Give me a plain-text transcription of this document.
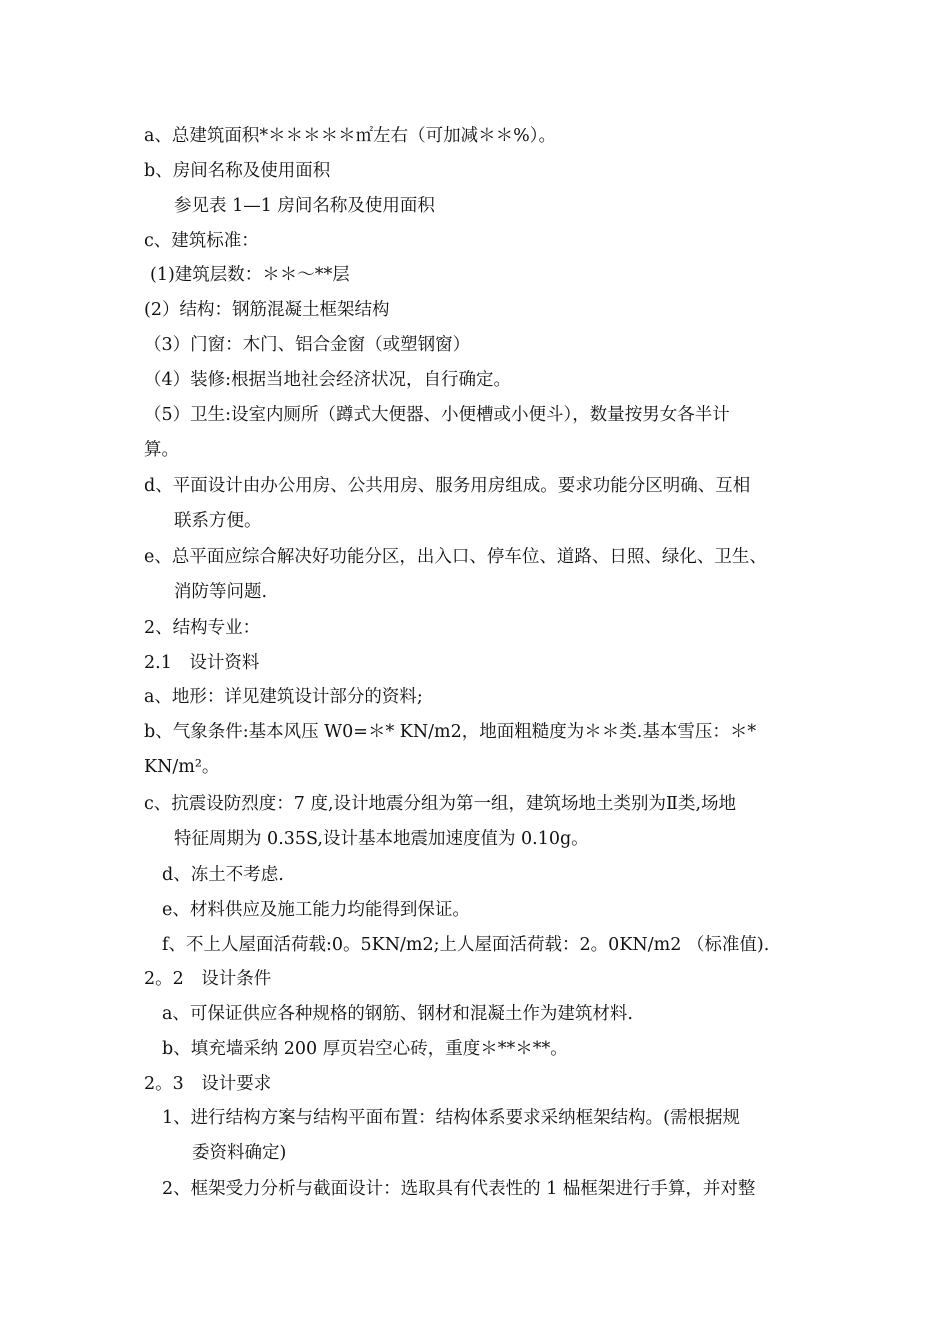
a、总建筑面积*＊＊＊＊＊㎡左右（可加减＊＊%）。
b、房间名称及使用面积
参见表 1—1 房间名称及使用面积
c、建筑标准：
(1)建筑层数：＊＊～**层
(2）结构：钢筋混凝土框架结构
（3）门窗：木门、铝合金窗（或塑钢窗）
（4）装修:根据当地社会经济状况，自行确定。
（5）卫生:设室内厕所（蹲式大便器、小便槽或小便斗），数量按男女各半计
算。
d、平面设计由办公用房、公共用房、服务用房组成。要求功能分区明确、互相
联系方便。
e、总平面应综合解决好功能分区，出入口、停车位、道路、日照、绿化、卫生、
消防等问题.
2、结构专业：
2.1　设计资料
a、地形：详见建筑设计部分的资料;
b、气象条件:基本风压 W0=＊* KN/m2，地面粗糙度为＊＊类.基本雪压：＊*
KN/m²。
c、抗震设防烈度：7 度,设计地震分组为第一组，建筑场地土类别为Ⅱ类,场地
特征周期为 0.35S,设计基本地震加速度值为 0.10g。
d、冻土不考虑.
e、材料供应及施工能力均能得到保证。
f、不上人屋面活荷载:0。5KN/m2;上人屋面活荷载：2。0KN/m2 （标准值).
2。2　设计条件
a、可保证供应各种规格的钢筋、钢材和混凝土作为建筑材料.
b、填充墙采纳 200 厚页岩空心砖，重度＊**＊**。
2。3　设计要求
1、进行结构方案与结构平面布置：结构体系要求采纳框架结构。(需根据规
委资料确定)
2、框架受力分析与截面设计：选取具有代表性的 1 榀框架进行手算，并对整
